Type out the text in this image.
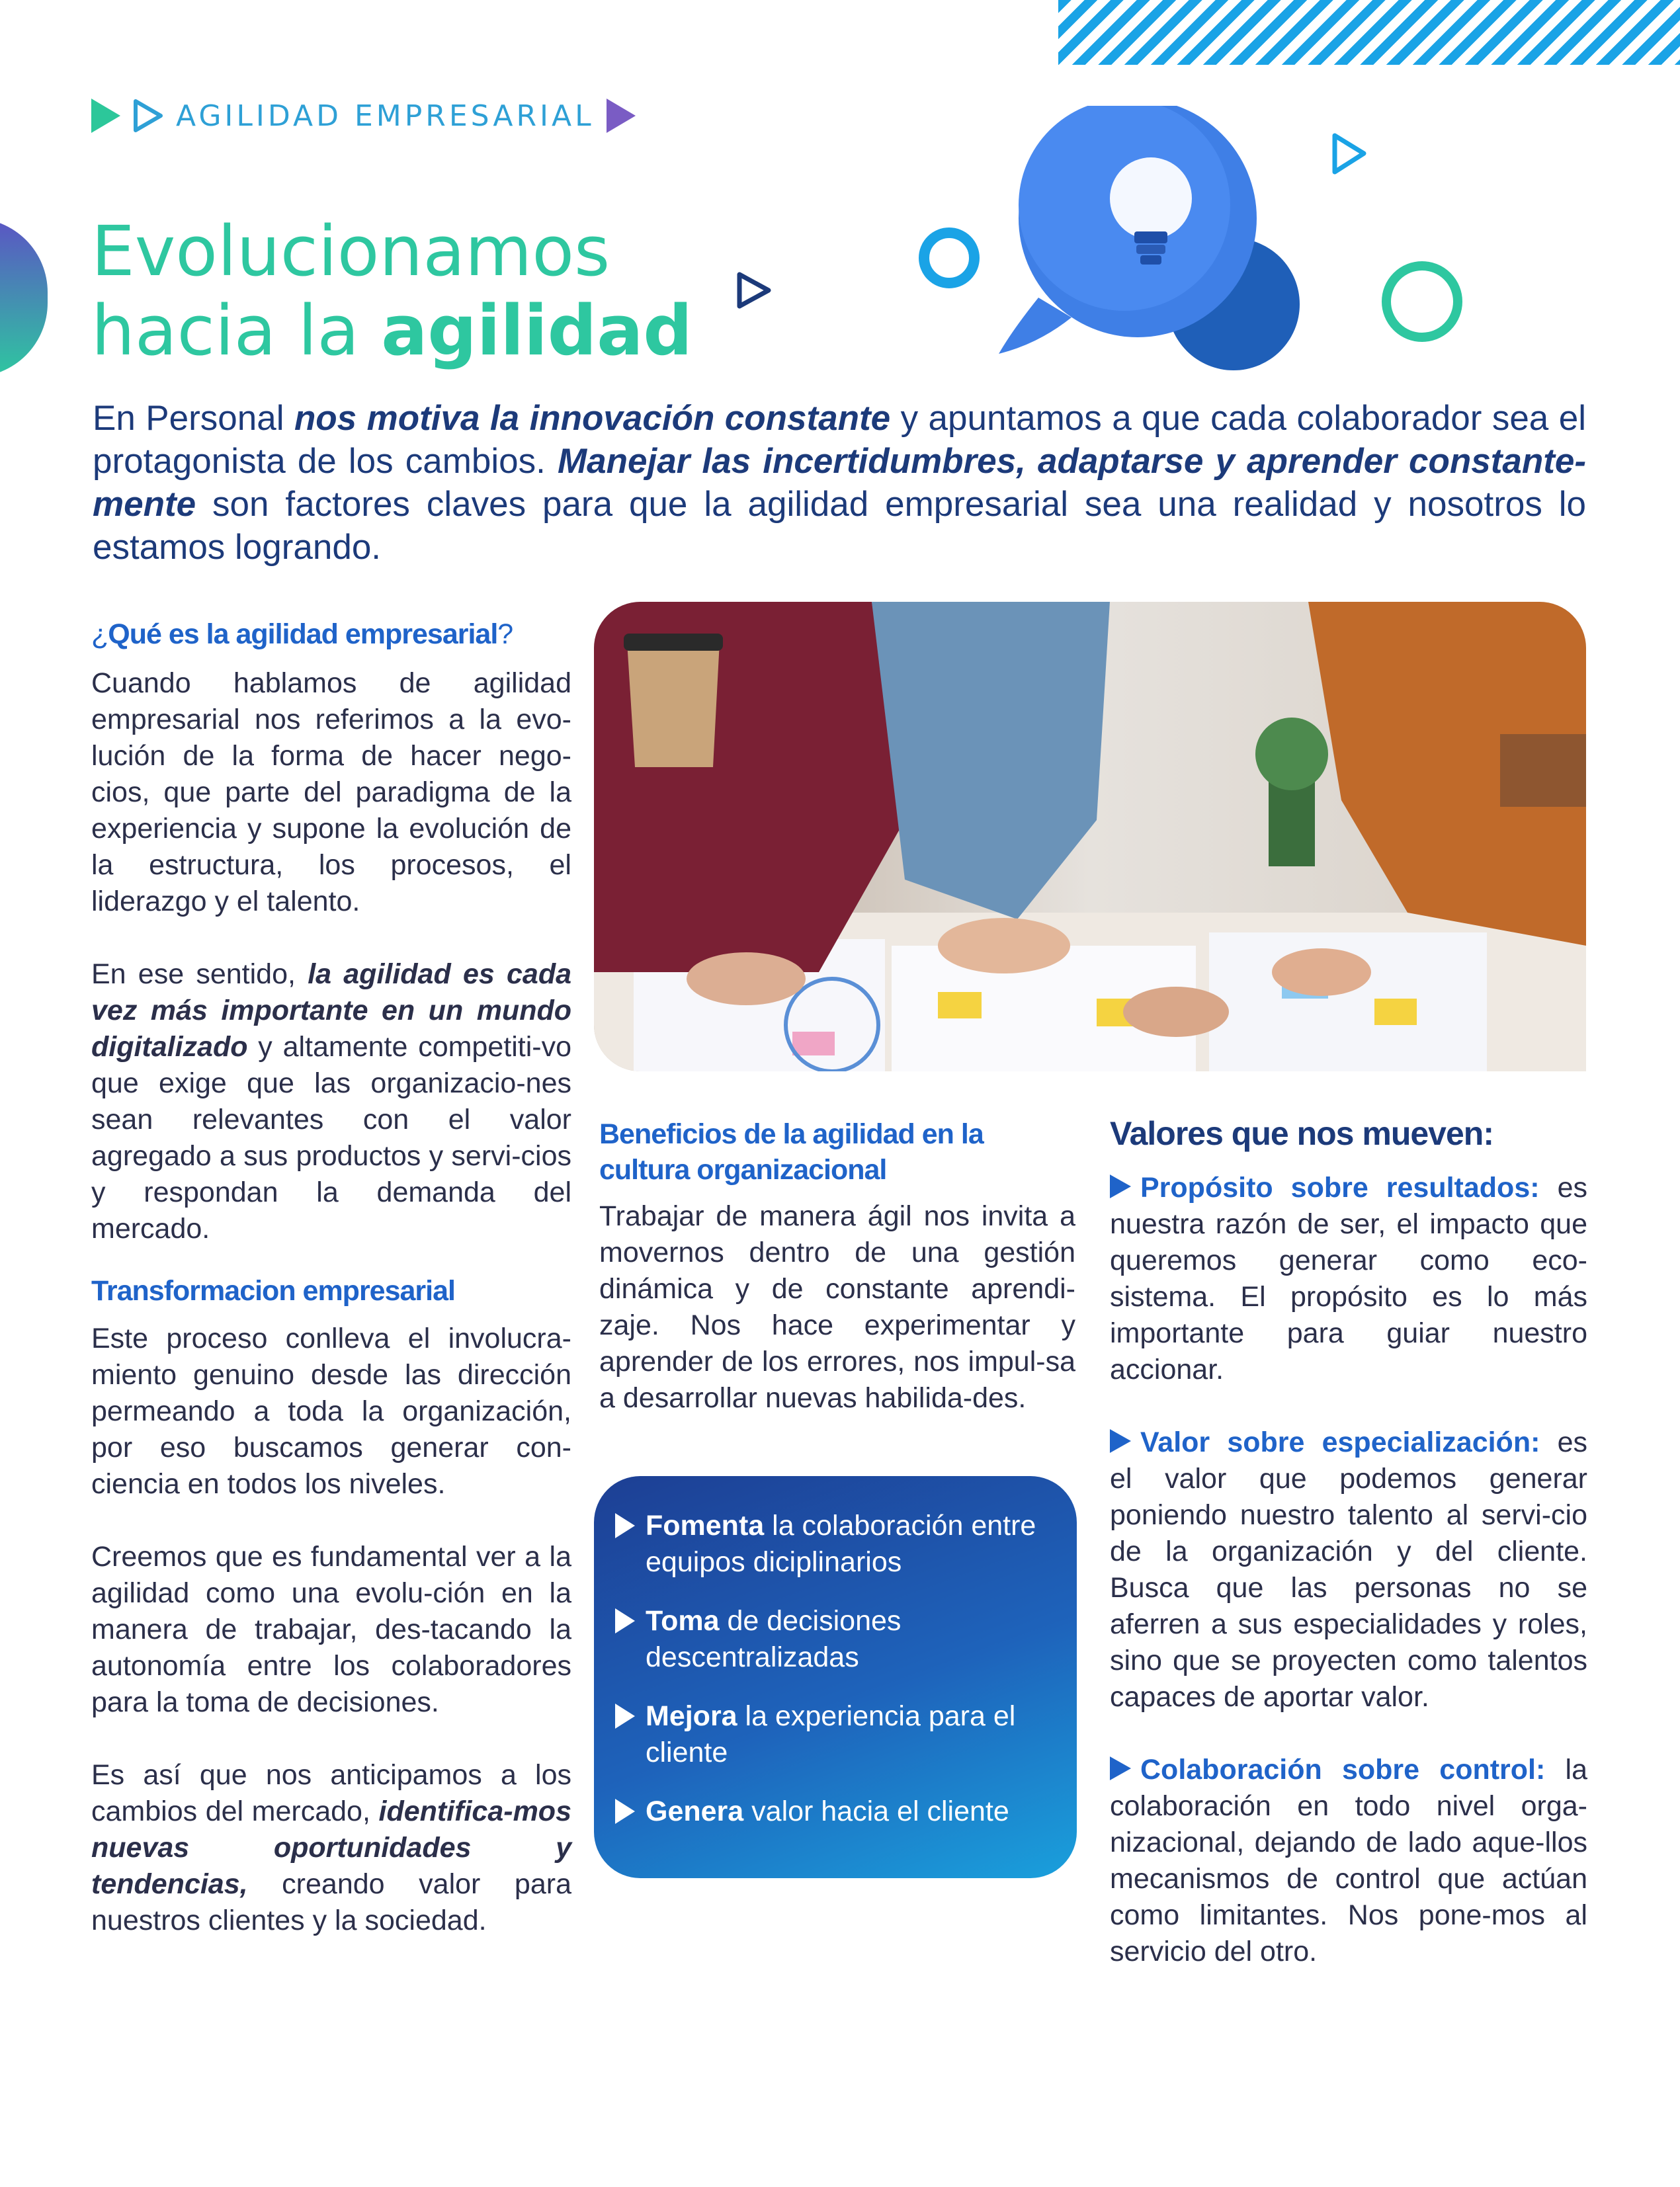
AGILIDAD EMPRESARIAL
Evolucionamos
hacia la agilidad
En Personal nos motiva la innovación constante y apuntamos a que cada colaborador sea el protagonista de los cambios. Manejar las incertidumbres, adaptarse y aprender constante-mente son factores claves para que la agilidad empresarial sea una realidad y nosotros lo estamos logrando.
¿Qué es la agilidad empresarial?
Cuando hablamos de agilidad empresarial nos referimos a la evo-lución de la forma de hacer nego-cios, que parte del paradigma de la experiencia y supone la evolución de la estructura, los procesos, el liderazgo y el talento.
En ese sentido, la agilidad es cada vez más importante en un mundo digitalizado y altamente competiti-vo que exige que las organizacio-nes sean relevantes con el valor agregado a sus productos y servi-cios y respondan la demanda del mercado.
Transformacion empresarial
Este proceso conlleva el involucra-miento genuino desde las dirección permeando a toda la organización, por eso buscamos generar con-ciencia en todos los niveles.
Creemos que es fundamental ver a la agilidad como una evolu-ción en la manera de trabajar, des-tacando la autonomía entre los colaboradores para la toma de decisiones.
Es así que nos anticipamos a los cambios del mercado, identifica-mos nuevas oportunidades y tendencias, creando valor para nuestros clientes y la sociedad.
Beneficios de la agilidad en la cultura organizacional
Trabajar de manera ágil nos invita a movernos dentro de una gestión dinámica y de constante aprendi-zaje. Nos hace experimentar y aprender de los errores, nos impul-sa a desarrollar nuevas habilida-des.
Fomenta la colaboración entre equipos diciplinarios
Toma de decisiones descentralizadas
Mejora la experiencia para el cliente
Genera valor hacia el cliente
Valores que nos mueven:
Propósito sobre resultados: es nuestra razón de ser, el impacto que queremos generar como eco-sistema. El propósito es lo más importante para guiar nuestro accionar.
Valor sobre especialización: es el valor que podemos generar poniendo nuestro talento al servi-cio de la organización y del cliente. Busca que las personas no se aferren a sus especialidades y roles, sino que se proyecten como talentos capaces de aportar valor.
Colaboración sobre control: la colaboración en todo nivel orga-nizacional, dejando de lado aque-llos mecanismos de control que actúan como limitantes. Nos pone-mos al servicio del otro.
